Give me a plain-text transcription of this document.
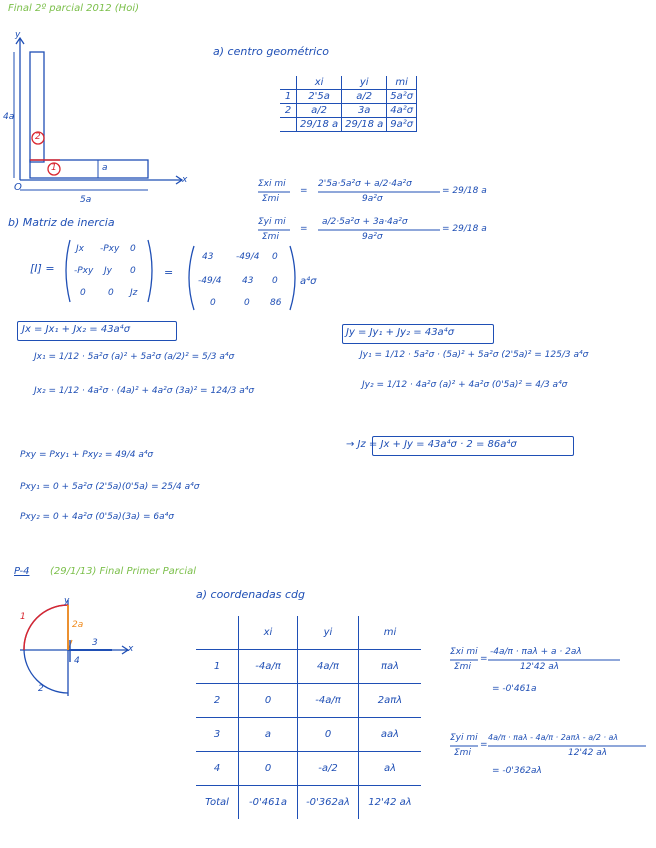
Final 2º parcial 2012 (Hoi)
y
x
O
4a
5a
a
2
1
a) centro geométrico
	xi	yi	mi
1	2'5a	a/2	5a²σ
2	a/2	3a	4a²σ
	29/18 a	29/18 a	9a²σ
Σxi mi
Σmi
=
2'5a·5a²σ + a/2·4a²σ
9a²σ
= 29/18 a
Σyi mi
Σmi
=
a/2·5a²σ + 3a·4a²σ
9a²σ
= 29/18 a
b) Matriz de inercia
[I] =
Jx -Pxy 0
-Pxy Jy 0
0 0 Jz
=
43	-49/4 0
-49/4 43 0
0	0 86
a⁴σ
Jx = Jx₁ + Jx₂ = 43a⁴σ
Jx₁ = 1/12 · 5a²σ (a)² + 5a²σ (a/2)² = 5/3 a⁴σ
Jx₂ = 1/12 · 4a²σ · (4a)² + 4a²σ (3a)² = 124/3 a⁴σ
Jy = Jy₁ + Jy₂ = 43a⁴σ
Jy₁ = 1/12 · 5a²σ · (5a)² + 5a²σ (2'5a)² = 125/3 a⁴σ
Jy₂ = 1/12 · 4a²σ (a)² + 4a²σ (0'5a)² = 4/3 a⁴σ
Pxy = Pxy₁ + Pxy₂ = 49/4 a⁴σ
Pxy₁ = 0 + 5a²σ (2'5a)(0'5a) = 25/4 a⁴σ
Pxy₂ = 0 + 4a²σ (0'5a)(3a) = 6a⁴σ
→ Jz = Jx + Jy = 43a⁴σ · 2 = 86a⁴σ
P-4 (29/1/13) Final Primer Parcial
y
x
1
2
3
4
2a
a) coordenadas cdg
	xi	yi	mi
1	-4a/π	4a/π	πaλ
2	0	-4a/π	2aπλ
3	a	0	aaλ
4	0	-a/2	aλ
Total	-0'461a	-0'362aλ	12'42 aλ
Σxi mi
Σmi
=
-4a/π · πaλ + a · 2aλ
12'42 aλ
= -0'461a
Σyi mi
Σmi
=
4a/π · πaλ - 4a/π · 2aπλ - a/2 · aλ
12'42 aλ
= -0'362aλ
